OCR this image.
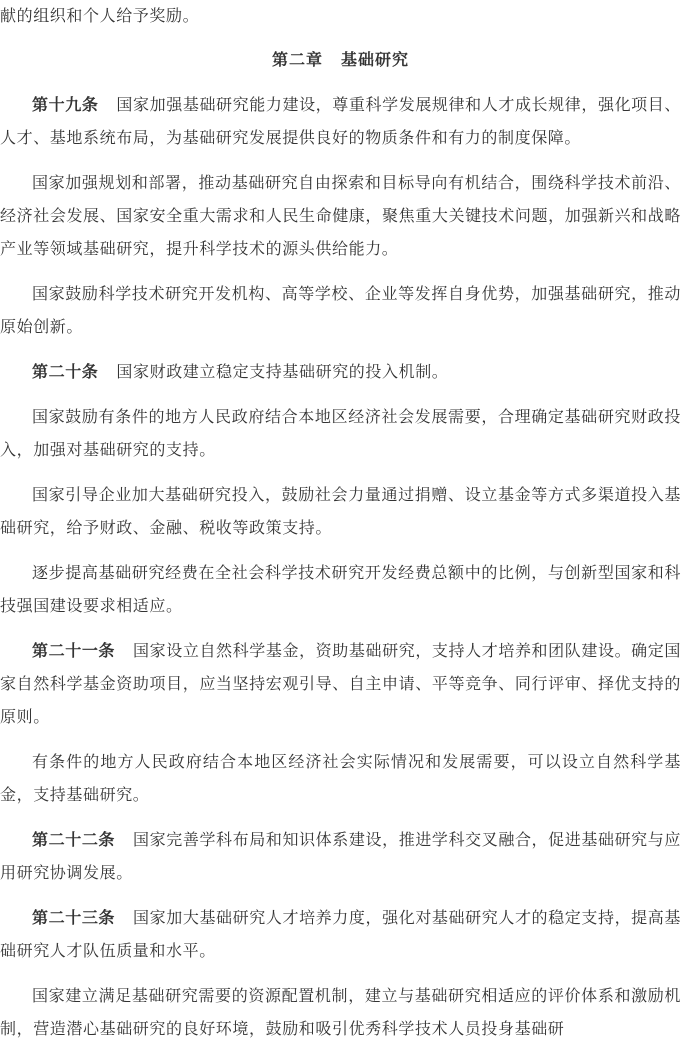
献的组织和个人给予奖励。

第二章 基础研究

第十九条 国家加强基础研究能力建设，尊重科学发展规律和人才成长规律，强化项目、人才、基地系统布局，为基础研究发展提供良好的物质条件和有力的制度保障。

国家加强规划和部署，推动基础研究自由探索和目标导向有机结合，围绕科学技术前沿、经济社会发展、国家安全重大需求和人民生命健康，聚焦重大关键技术问题，加强新兴和战略产业等领域基础研究，提升科学技术的源头供给能力。

国家鼓励科学技术研究开发机构、高等学校、企业等发挥自身优势，加强基础研究，推动原始创新。

第二十条 国家财政建立稳定支持基础研究的投入机制。

国家鼓励有条件的地方人民政府结合本地区经济社会发展需要，合理确定基础研究财政投入，加强对基础研究的支持。

国家引导企业加大基础研究投入，鼓励社会力量通过捐赠、设立基金等方式多渠道投入基础研究，给予财政、金融、税收等政策支持。

逐步提高基础研究经费在全社会科学技术研究开发经费总额中的比例，与创新型国家和科技强国建设要求相适应。

第二十一条 国家设立自然科学基金，资助基础研究，支持人才培养和团队建设。确定国家自然科学基金资助项目，应当坚持宏观引导、自主申请、平等竞争、同行评审、择优支持的原则。

有条件的地方人民政府结合本地区经济社会实际情况和发展需要，可以设立自然科学基金，支持基础研究。

第二十二条 国家完善学科布局和知识体系建设，推进学科交叉融合，促进基础研究与应用研究协调发展。

第二十三条 国家加大基础研究人才培养力度，强化对基础研究人才的稳定支持，提高基础研究人才队伍质量和水平。

国家建立满足基础研究需要的资源配置机制，建立与基础研究相适应的评价体系和激励机制，营造潜心基础研究的良好环境，鼓励和吸引优秀科学技术人员投身基础研
